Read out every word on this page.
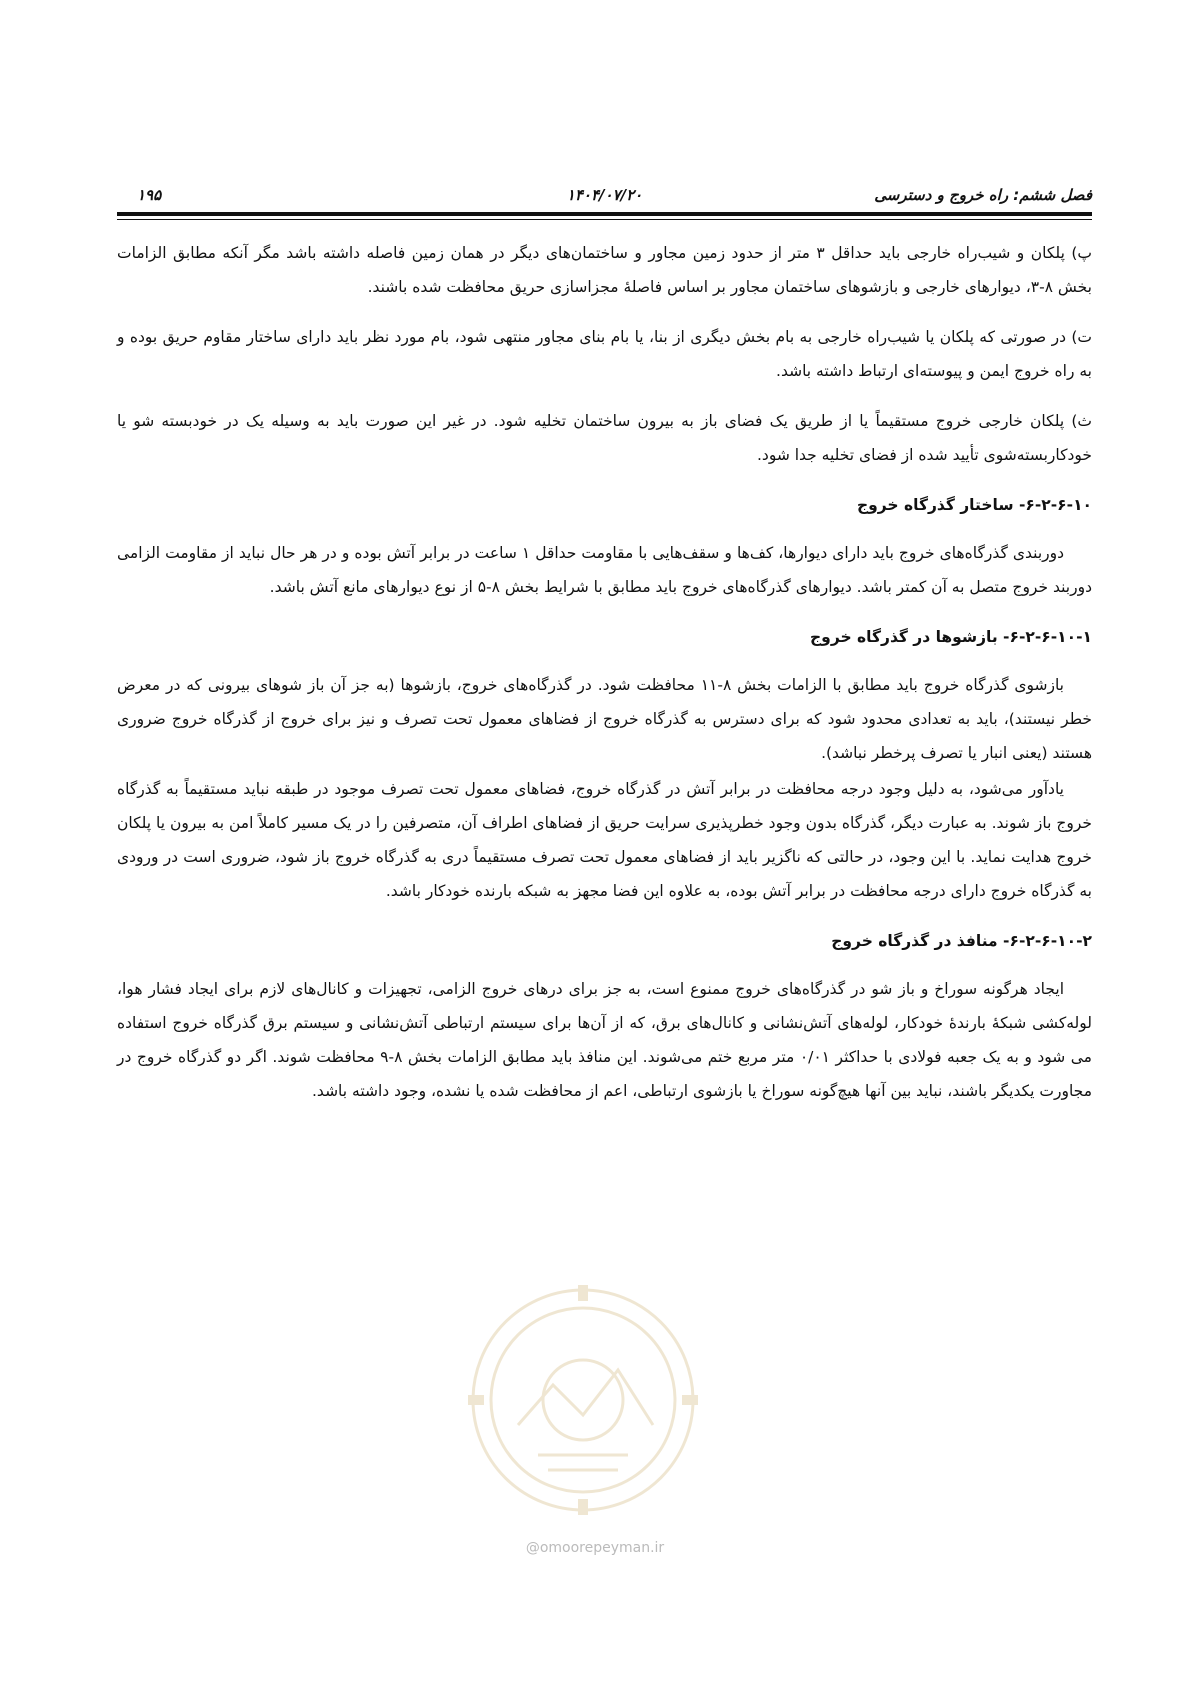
فصل ششم: راه خروج و دسترسی
۱۴۰۴/۰۷/۲۰
۱۹۵

پ) پلکان و شیب‌راه خارجی باید حداقل ۳ متر از حدود زمین مجاور و ساختمان‌های دیگر در همان زمین فاصله داشته باشد مگر آنکه مطابق الزامات بخش ۸-۳، دیوارهای خارجی و بازشوهای ساختمان مجاور بر اساس فاصلهٔ مجزاسازی حریق محافظت شده باشند.

ت) در صورتی که پلکان یا شیب‌راه خارجی به بام بخش دیگری از بنا، یا بام بنای مجاور منتهی شود، بام مورد نظر باید دارای ساختار مقاوم حریق بوده و به راه خروج ایمن و پیوسته‌ای ارتباط داشته باشد.

ث) پلکان خارجی خروج مستقیماً یا از طریق یک فضای باز به بیرون ساختمان تخلیه شود. در غیر این صورت باید به وسیله یک در خودبسته شو یا خودکاربسته‌شوی تأیید شده از فضای تخلیه جدا شود.

۶-۲-۶-۱۰- ساختار گذرگاه خروج

دوربندی گذرگاه‌های خروج باید دارای دیوارها، کف‌ها و سقف‌هایی با مقاومت حداقل ۱ ساعت در برابر آتش بوده و در هر حال نباید از مقاومت الزامی دوربند خروج متصل به آن کمتر باشد. دیوارهای گذرگاه‌های خروج باید مطابق با شرایط بخش ۸-۵ از نوع دیوارهای مانع آتش باشد.

۶-۲-۶-۱۰-۱- بازشوها در گذرگاه خروج

بازشوی گذرگاه خروج باید مطابق با الزامات بخش ۸-۱۱ محافظت شود. در گذرگاه‌های خروج، بازشوها (به جز آن باز شوهای بیرونی که در معرض خطر نیستند)، باید به تعدادی محدود شود که برای دسترس به گذرگاه خروج از فضاهای معمول تحت تصرف و نیز برای خروج از گذرگاه خروج ضروری هستند (یعنی انبار یا تصرف پرخطر نباشد).

یادآور می‌شود، به دلیل وجود درجه محافظت در برابر آتش در گذرگاه خروج، فضاهای معمول تحت تصرف موجود در طبقه نباید مستقیماً به گذرگاه خروج باز شوند. به عبارت دیگر، گذرگاه بدون وجود خطرپذیری سرایت حریق از فضاهای اطراف آن، متصرفین را در یک مسیر کاملاً امن به بیرون یا پلکان خروج هدایت نماید. با این وجود، در حالتی که ناگزیر باید از فضاهای معمول تحت تصرف مستقیماً دری به گذرگاه خروج باز شود، ضروری است در ورودی به گذرگاه خروج دارای درجه محافظت در برابر آتش بوده، به علاوه این فضا مجهز به شبکه بارنده خودکار باشد.

۶-۲-۶-۱۰-۲- منافذ در گذرگاه خروج

ایجاد هرگونه سوراخ و باز شو در گذرگاه‌های خروج ممنوع است، به جز برای درهای خروج الزامی، تجهیزات و کانال‌های لازم برای ایجاد فشار هوا، لوله‌کشی شبکهٔ بارندهٔ خودکار، لوله‌های آتش‌نشانی و کانال‌های برق، که از آن‌ها برای سیستم ارتباطی آتش‌نشانی و سیستم برق گذرگاه خروج استفاده می شود و به یک جعبه فولادی با حداکثر ۰/۰۱ متر مربع ختم می‌شوند. این منافذ باید مطابق الزامات بخش ۸-۹ محافظت شوند. اگر دو گذرگاه خروج در مجاورت یکدیگر باشند، نباید بین آنها هیچ‌گونه سوراخ یا بازشوی ارتباطی، اعم از محافظت شده یا نشده، وجود داشته باشد.

@omoorepeyman.ir
